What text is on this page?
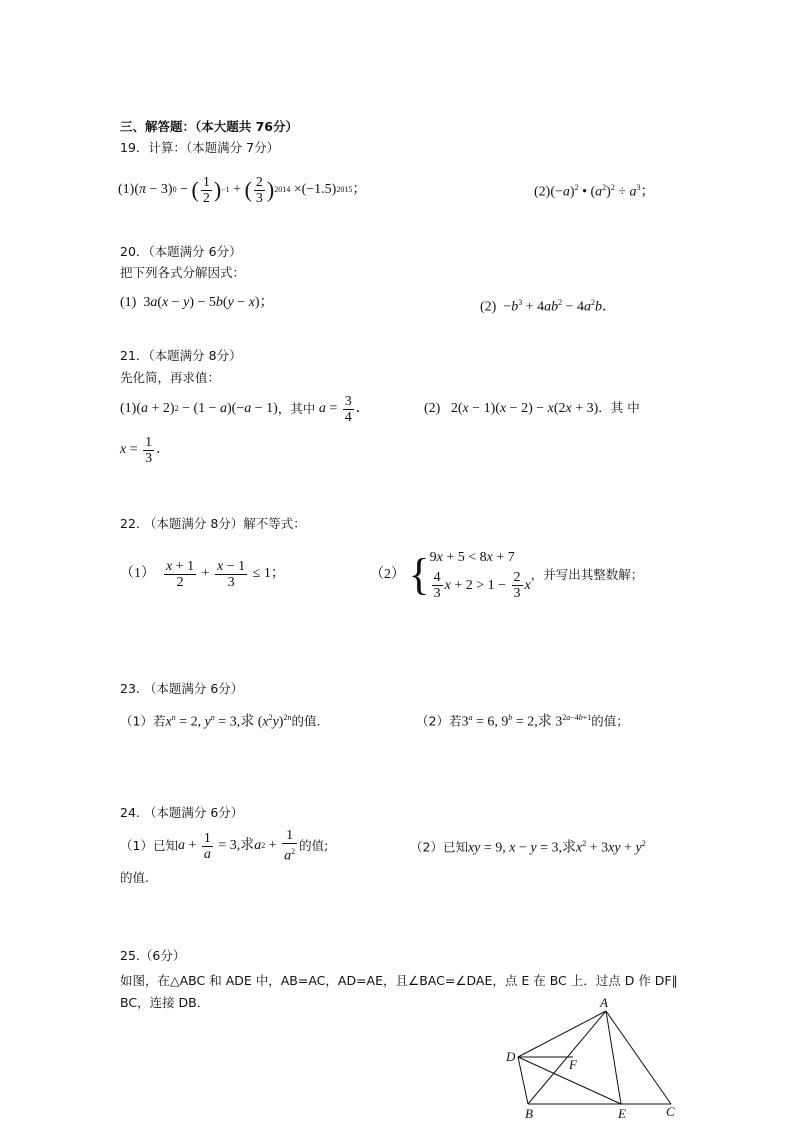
三、解答题：（本大题共 76分）
19．计算：（本题满分 7分）
(1)( π − 3) 0 − ( $\frac{1}{2}$ ) −1 + ( $\frac{2}{3}$ ) 2014 ×(−1.5) 2015 ；	$(2)(-a)^2$ • $(a^2)^2 \div a^3$；
20．（本题满分 6分）
把下列各式分解因式：
(1)  3a(x − y) − 5b(y − x)；	$(2) -b^3 + 4ab^2 - 4a^2b$．
21．（本题满分 8分）
先化简，再求值：
(1)( a + 2) 2 − (1 − a )(− a − 1) ，其中
$a = \frac{3}{4}$ ．	(2)   2(x − 1)(x − 2) − x(2x + 3)．其 中
$x = \frac{1}{3}$ ．
22. （本题满分 8分）解不等式：
$(1) \frac{x + 1}{2} + \frac{x - 1}{3} \le 1$；	（2） { 9x + 5 < 8x + 7
$\frac{4}{3}$ $x + 2 > 1 - \frac{2}{3}$ x
，并写出其整数解；
23. （本题满分 6分）
（1）若$x^n = 2$, $y^n = 3$,求 $(x^2y)^{2n}$的值.	（2）若$3^a = 6$, $9^b = 2$,求 $3^{2a-4b+1}$的值；
24. （本题满分 6分）
（1）已知 $a + \frac{1}{a} = 3$,求 a $2 + \frac{1}{a^2}$ 的值;	（2）已知xy = 9, x − y = 3,求$x^2 + 3xy + y^2$
的值.
25.（6分）
如图，在△ABC 和 ADE 中，AB=AC，AD=AE，且∠BAC=∠DAE，点 E 在 BC 上．过点 D 作 DF∥
BC，连接 DB．	A
D
F
B	E	C
